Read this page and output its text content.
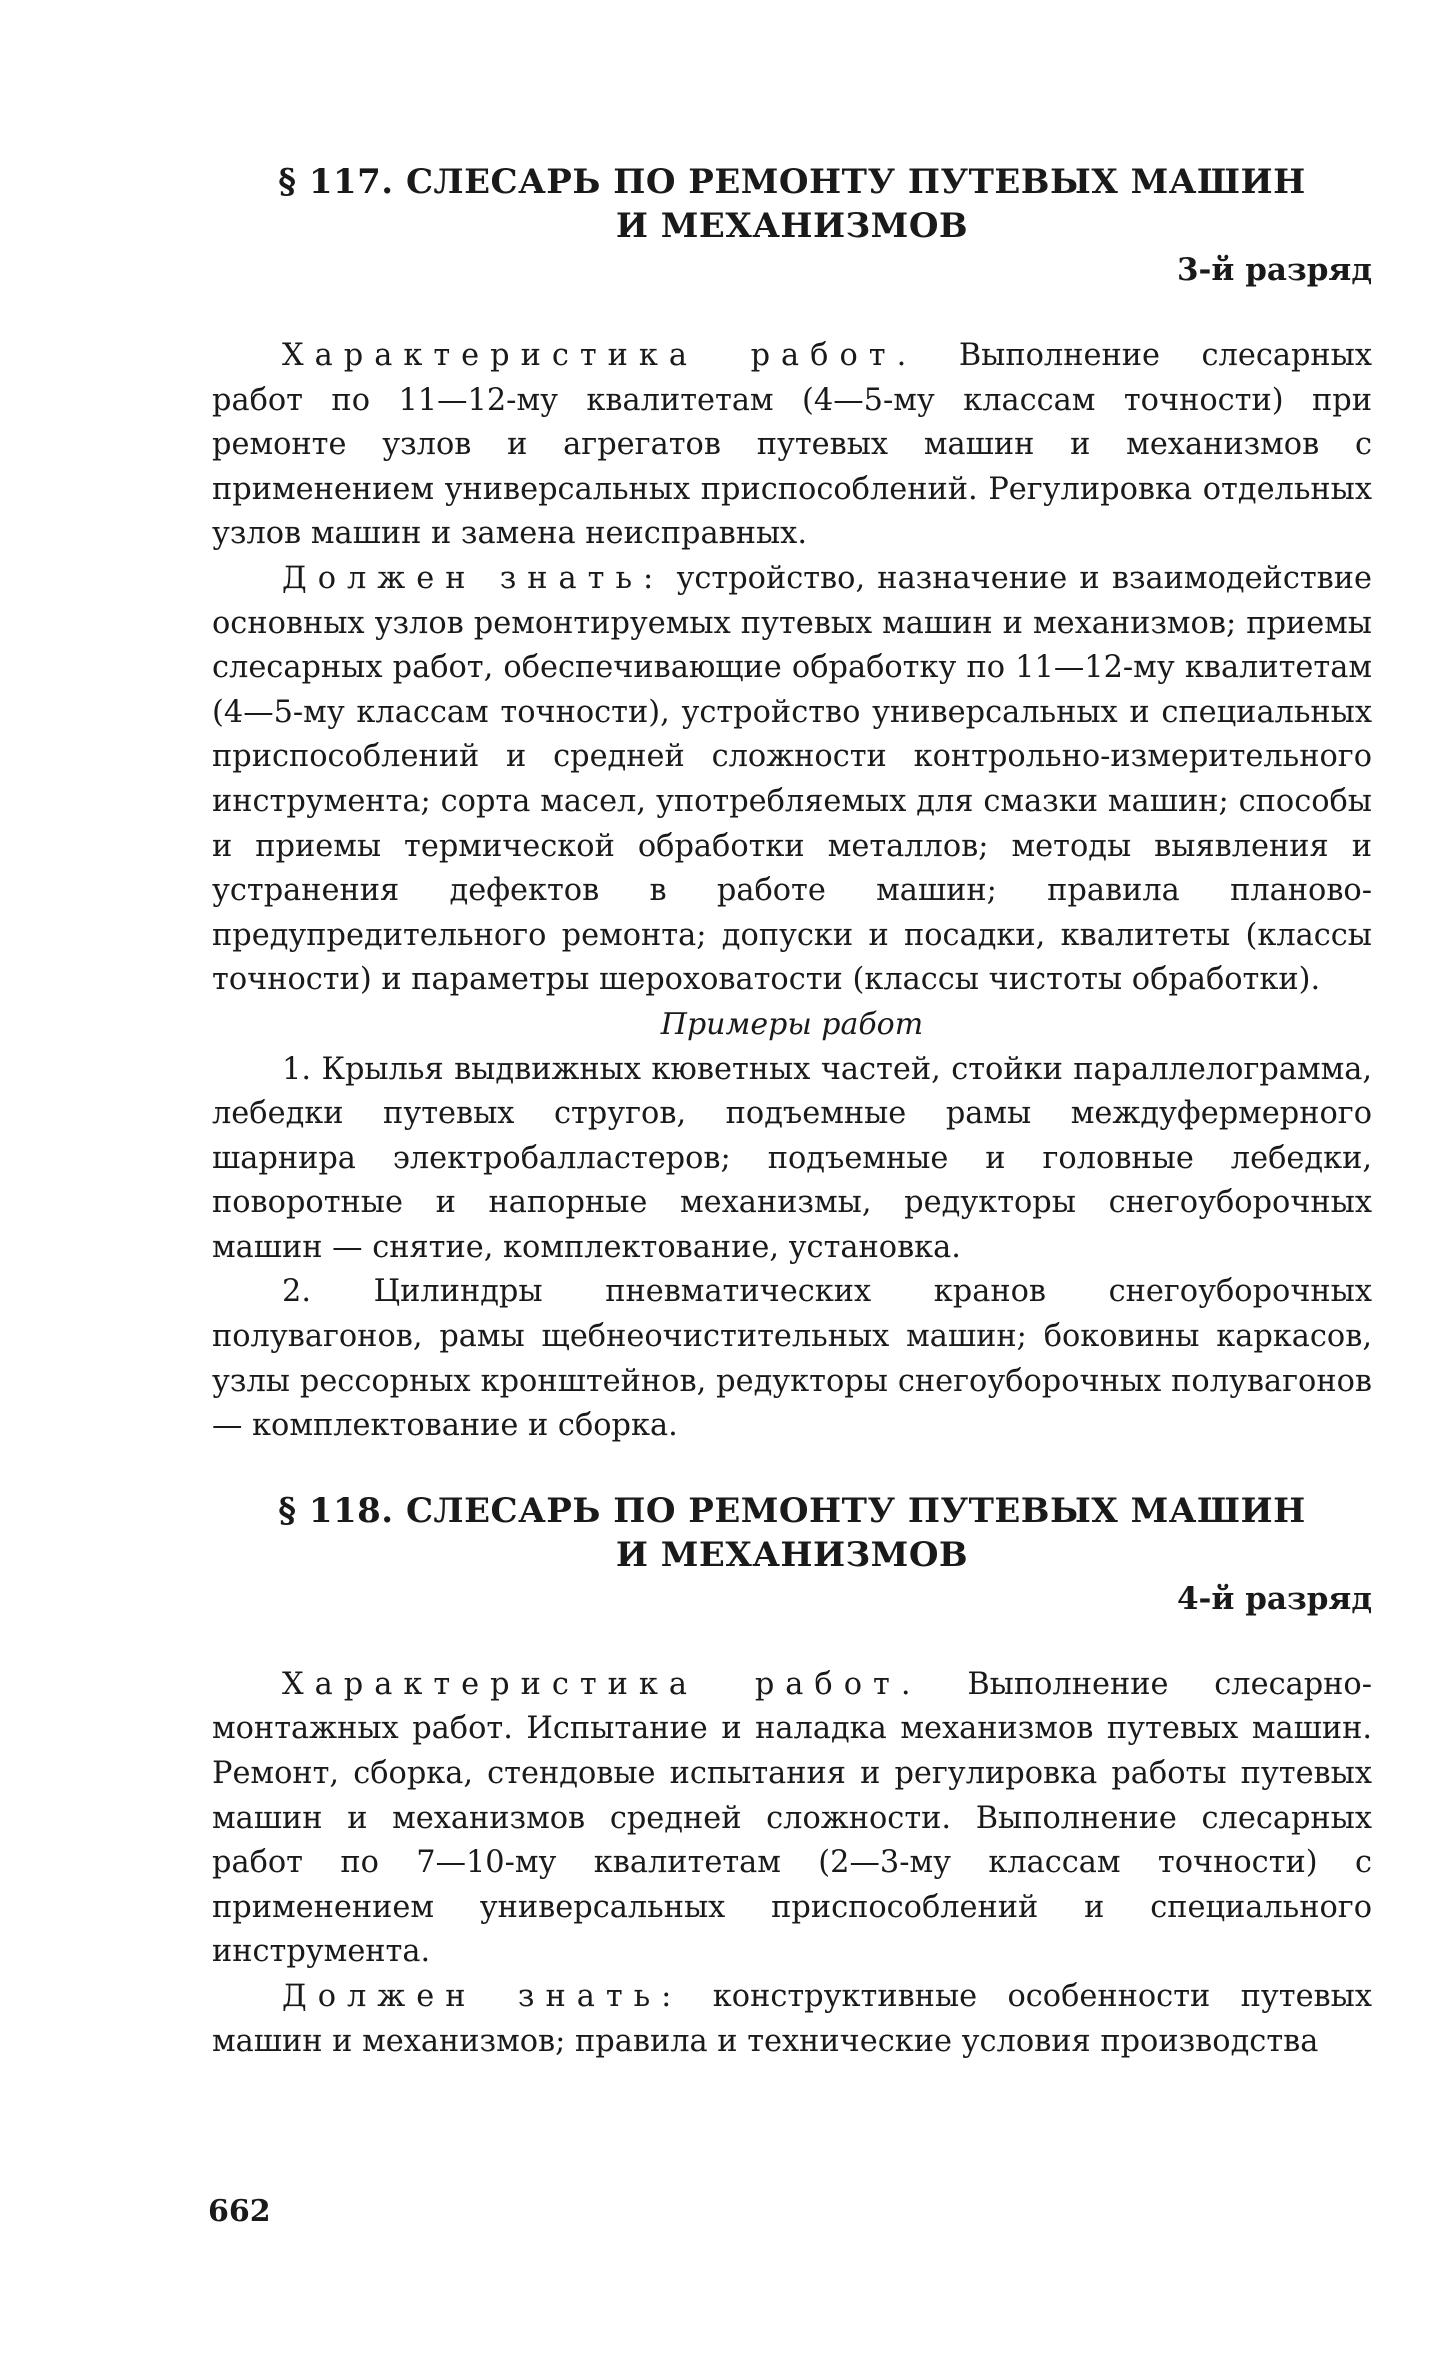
§ 117. СЛЕСАРЬ ПО РЕМОНТУ ПУТЕВЫХ МАШИН
И МЕХАНИЗМОВ

3-й разряд

Характеристика работ. Выполнение слесарных работ по 11—12-му квалитетам (4—5-му классам точности) при ремонте узлов и агрегатов путевых машин и механизмов с применением универсальных приспособлений. Регулировка отдельных узлов машин и замена неисправных.

Должен знать: устройство, назначение и взаимодействие основных узлов ремонтируемых путевых машин и механизмов; приемы слесарных работ, обеспечивающие обработку по 11—12-му квалитетам (4—5-му классам точности), устройство универсальных и специальных приспособлений и средней сложности контрольно-измерительного инструмента; сорта масел, употребляемых для смазки машин; способы и приемы термической обработки металлов; методы выявления и устранения дефектов в работе машин; правила планово-предупредительного ремонта; допуски и посадки, квалитеты (классы точности) и параметры шероховатости (классы чистоты обработки).

Примеры работ

1. Крылья выдвижных кюветных частей, стойки параллелограмма, лебедки путевых стругов, подъемные рамы междуфермерного шарнира электробалластеров; подъемные и головные лебедки, поворотные и напорные механизмы, редукторы снегоуборочных машин — снятие, комплектование, установка.

2. Цилиндры пневматических кранов снегоуборочных полувагонов, рамы щебнеочистительных машин; боковины каркасов, узлы рессорных кронштейнов, редукторы снегоуборочных полувагонов — комплектование и сборка.

§ 118. СЛЕСАРЬ ПО РЕМОНТУ ПУТЕВЫХ МАШИН
И МЕХАНИЗМОВ

4-й разряд

Характеристика работ. Выполнение слесарно-монтажных работ. Испытание и наладка механизмов путевых машин. Ремонт, сборка, стендовые испытания и регулировка работы путевых машин и механизмов средней сложности. Выполнение слесарных работ по 7—10-му квалитетам (2—3-му классам точности) с применением универсальных приспособлений и специального инструмента.

Должен знать: конструктивные особенности путевых машин и механизмов; правила и технические условия производства

662
